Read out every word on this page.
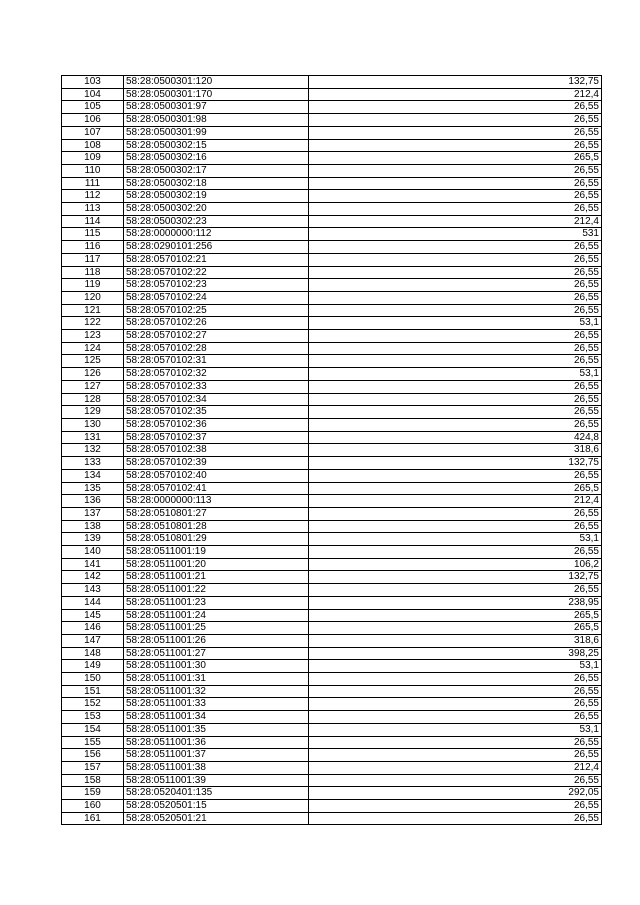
103	58:28:0500301:120	132,75
104	58:28:0500301:170	212,4
105	58:28:0500301:97	26,55
106	58:28:0500301:98	26,55
107	58:28:0500301:99	26,55
108	58:28:0500302:15	26,55
109	58:28:0500302:16	265,5
110	58:28:0500302:17	26,55
111	58:28:0500302:18	26,55
112	58:28:0500302:19	26,55
113	58:28:0500302:20	26,55
114	58:28:0500302:23	212,4
115	58:28:0000000:112	531
116	58:28:0290101:256	26,55
117	58:28:0570102:21	26,55
118	58:28:0570102:22	26,55
119	58:28:0570102:23	26,55
120	58:28:0570102:24	26,55
121	58:28:0570102:25	26,55
122	58:28:0570102:26	53,1
123	58:28:0570102:27	26,55
124	58:28:0570102:28	26,55
125	58:28:0570102:31	26,55
126	58:28:0570102:32	53,1
127	58:28:0570102:33	26,55
128	58:28:0570102:34	26,55
129	58:28:0570102:35	26,55
130	58:28:0570102:36	26,55
131	58:28:0570102:37	424,8
132	58:28:0570102:38	318,6
133	58:28:0570102:39	132,75
134	58:28:0570102:40	26,55
135	58:28:0570102:41	265,5
136	58:28:0000000:113	212,4
137	58:28:0510801:27	26,55
138	58:28:0510801:28	26,55
139	58:28:0510801:29	53,1
140	58:28:0511001:19	26,55
141	58:28:0511001:20	106,2
142	58:28:0511001:21	132,75
143	58:28:0511001:22	26,55
144	58:28:0511001:23	238,95
145	58:28:0511001:24	265,5
146	58:28:0511001:25	265,5
147	58:28:0511001:26	318,6
148	58:28:0511001:27	398,25
149	58:28:0511001:30	53,1
150	58:28:0511001:31	26,55
151	58:28:0511001:32	26,55
152	58:28:0511001:33	26,55
153	58:28:0511001:34	26,55
154	58:28:0511001:35	53,1
155	58:28:0511001:36	26,55
156	58:28:0511001:37	26,55
157	58:28:0511001:38	212,4
158	58:28:0511001:39	26,55
159	58:28:0520401:135	292,05
160	58:28:0520501:15	26,55
161	58:28:0520501:21	26,55
